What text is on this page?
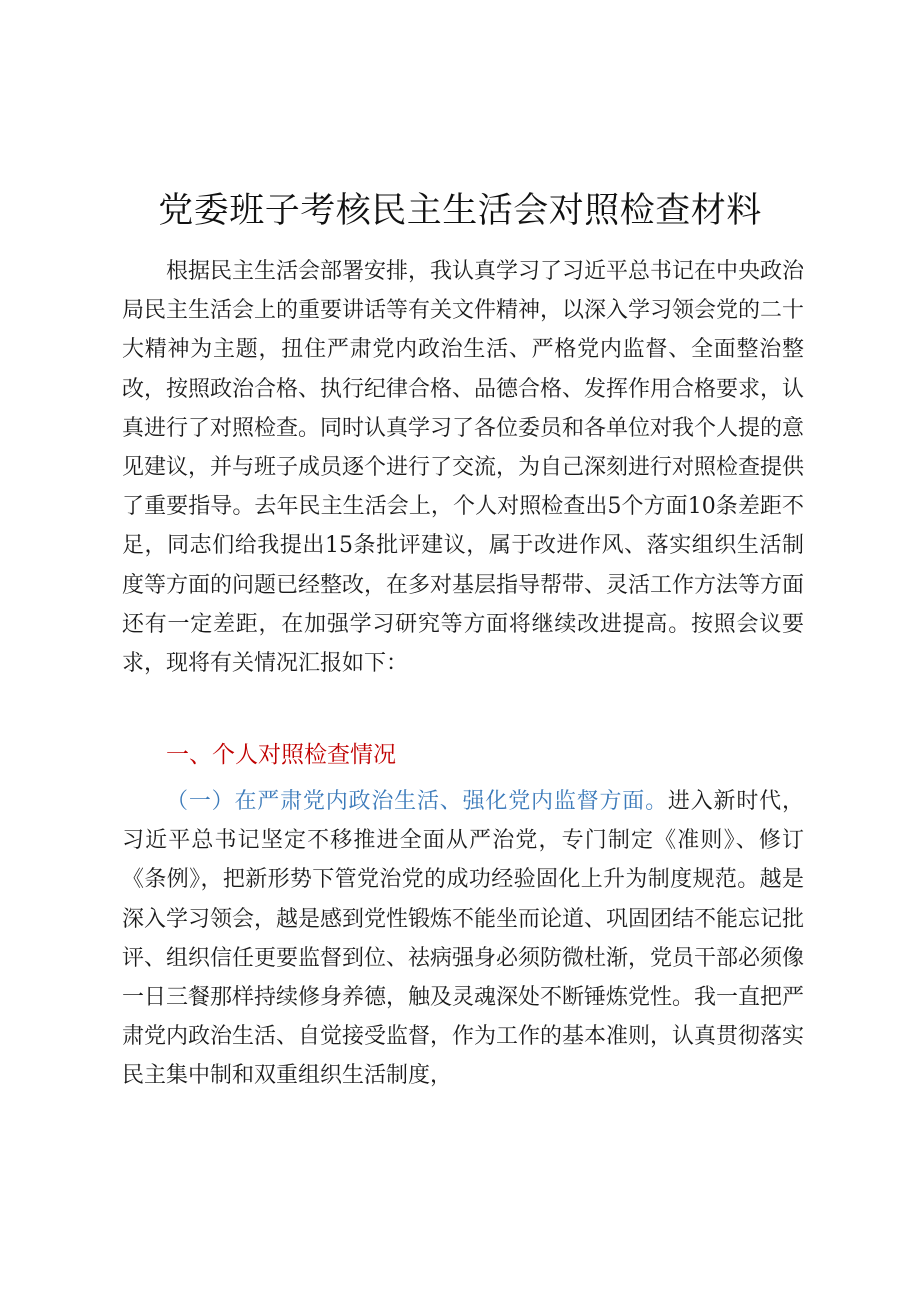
党委班子考核民主生活会对照检查材料

根据民主生活会部署安排，我认真学习了习近平总书记在中央政治局民主生活会上的重要讲话等有关文件精神，以深入学习领会党的二十大精神为主题，扭住严肃党内政治生活、严格党内监督、全面整治整改，按照政治合格、执行纪律合格、品德合格、发挥作用合格要求，认真进行了对照检查。同时认真学习了各位委员和各单位对我个人提的意见建议，并与班子成员逐个进行了交流，为自己深刻进行对照检查提供了重要指导。去年民主生活会上，个人对照检查出5个方面10条差距不足，同志们给我提出15条批评建议，属于改进作风、落实组织生活制度等方面的问题已经整改，在多对基层指导帮带、灵活工作方法等方面还有一定差距，在加强学习研究等方面将继续改进提高。按照会议要求，现将有关情况汇报如下：

一、个人对照检查情况

（一）在严肃党内政治生活、强化党内监督方面。进入新时代，习近平总书记坚定不移推进全面从严治党，专门制定《准则》、修订《条例》，把新形势下管党治党的成功经验固化上升为制度规范。越是深入学习领会，越是感到党性锻炼不能坐而论道、巩固团结不能忘记批评、组织信任更要监督到位、祛病强身必须防微杜渐，党员干部必须像一日三餐那样持续修身养德，触及灵魂深处不断锤炼党性。我一直把严肃党内政治生活、自觉接受监督，作为工作的基本准则，认真贯彻落实民主集中制和双重组织生活制度，
